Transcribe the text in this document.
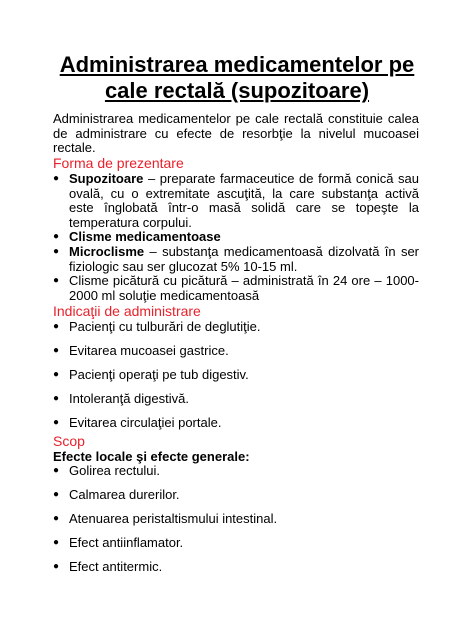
Administrarea medicamentelor pe
cale rectală (supozitoare)

Administrarea medicamentelor pe cale rectală constituie calea de administrare cu efecte de resorbţie la nivelul mucoasei rectale.

Forma de prezentare
● Supozitoare – preparate farmaceutice de formă conică sau ovală, cu o extremitate ascuţită, la care substanţa activă este înglobată într-o masă solidă care se topeşte la temperatura corpului.
● Clisme medicamentoase
● Microclisme – substanţa medicamentoasă dizolvată în ser fiziologic sau ser glucozat 5% 10-15 ml.
● Clisme picătură cu picătură – administrată în 24 ore – 1000-2000 ml soluţie medicamentoasă
Indicaţii de administrare
● Pacienţi cu tulburări de deglutiţie.
● Evitarea mucoasei gastrice.
● Pacienţi operaţi pe tub digestiv.
● Intoleranţă digestivă.
● Evitarea circulaţiei portale.
Scop
Efecte locale şi efecte generale:
● Golirea rectului.
● Calmarea durerilor.
● Atenuarea peristaltismului intestinal.
● Efect antiinflamator.
● Efect antitermic.
